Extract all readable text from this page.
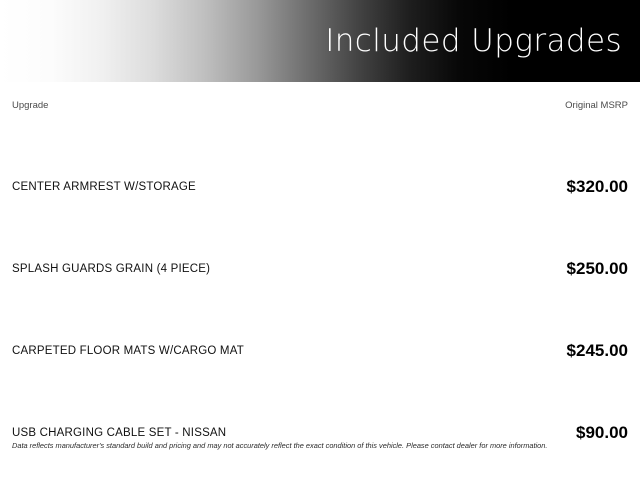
Included Upgrades
Upgrade	Original MSRP
CENTER ARMREST W/STORAGE	$320.00
SPLASH GUARDS GRAIN (4 PIECE)	$250.00
CARPETED FLOOR MATS W/CARGO MAT	$245.00
USB CHARGING CABLE SET - NISSAN	$90.00
Data reflects manufacturer's standard build and pricing and may not accurately reflect the exact condition of this vehicle. Please contact dealer for more information.
